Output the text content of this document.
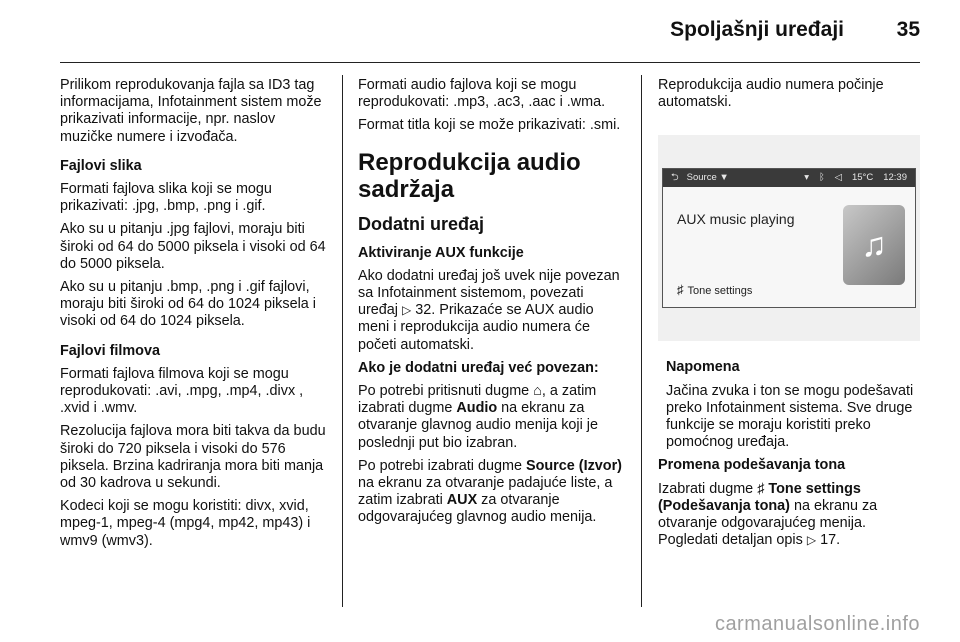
Spoljašnji uređaji	35

Prilikom reprodukovanja fajla sa ID3 tag informacijama, Infotainment sistem može prikazivati informacije, npr. naslov muzičke numere i izvođača.

Fajlovi slika

Formati fajlova slika koji se mogu prikazivati: .jpg, .bmp, .png i .gif.

Ako su u pitanju .jpg fajlovi, moraju biti široki od 64 do 5000 piksela i visoki od 64 do 5000 piksela.

Ako su u pitanju .bmp, .png i .gif fajlovi, moraju biti široki od 64 do 1024 piksela i visoki od 64 do 1024 piksela.

Fajlovi filmova

Formati fajlova filmova koji se mogu reprodukovati: .avi, .mpg, .mp4, .divx , .xvid i .wmv.

Rezolucija fajlova mora biti takva da budu široki do 720 piksela i visoki do 576 piksela. Brzina kadriranja mora biti manja od 30 kadrova u sekundi.

Kodeci koji se mogu koristiti: divx, xvid, mpeg-1, mpeg-4 (mpg4, mp42, mp43) i wmv9 (wmv3).

Formati audio fajlova koji se mogu reprodukovati: .mp3, .ac3, .aac i .wma.

Format titla koji se može prikazivati: .smi.

Reprodukcija audio sadržaja
Dodatni uređaj

Aktiviranje AUX funkcije

Ako dodatni uređaj još uvek nije povezan sa Infotainment sistemom, povezati uređaj ▷ 32. Prikazaće se AUX audio meni i reprodukcija audio numera će početi automatski.

Ako je dodatni uređaj već povezan:

Po potrebi pritisnuti dugme ⌂, a zatim izabrati dugme Audio na ekranu za otvaranje glavnog audio menija koji je poslednji put bio izabran.

Po potrebi izabrati dugme Source (Izvor) na ekranu za otvaranje padajuće liste, a zatim izabrati AUX za otvaranje odgovarajućeg glavnog audio menija.

Reprodukcija audio numera počinje automatski.

⮌ Source ▼	▾ ᛒ ◁ 15°C 12:39
AUX music playing
♯ Tone settings
♫

Napomena

Jačina zvuka i ton se mogu podešavati preko Infotainment sistema. Sve druge funkcije se moraju koristiti preko pomoćnog uređaja.

Promena podešavanja tona

Izabrati dugme ♯ Tone settings (Podešavanja tona) na ekranu za otvaranje odgovarajućeg menija. Pogledati detaljan opis ▷ 17.

carmanualsonline.info
